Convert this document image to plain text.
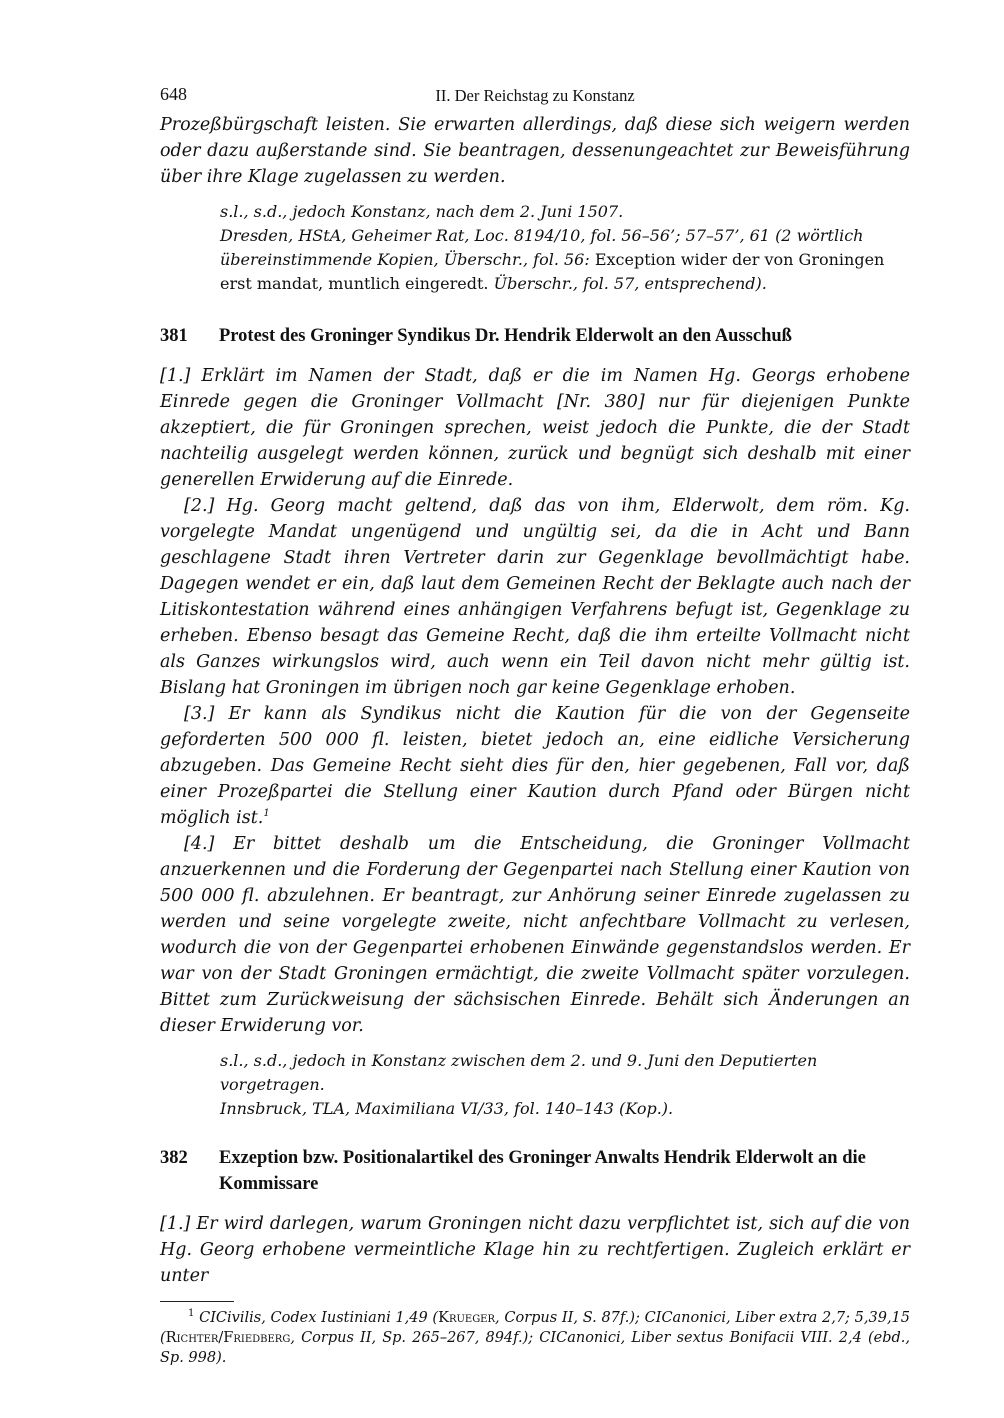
648	II. Der Reichstag zu Konstanz

Prozeßbürgschaft leisten. Sie erwarten allerdings, daß diese sich weigern werden oder dazu außerstande sind. Sie beantragen, dessenungeachtet zur Beweisführung über ihre Klage zugelassen zu werden.

s.l., s.d., jedoch Konstanz, nach dem 2. Juni 1507.
Dresden, HStA, Geheimer Rat, Loc. 8194/10, fol. 56–56’; 57–57’, 61 (2 wörtlich übereinstimmende Kopien, Überschr., fol. 56: Exception wider der von Groningen erst mandat, muntlich eingeredt. Überschr., fol. 57, entsprechend).
381	Protest des Groninger Syndikus Dr. Hendrik Elderwolt an den Ausschuß

[1.] Erklärt im Namen der Stadt, daß er die im Namen Hg. Georgs erhobene Einrede gegen die Groninger Vollmacht [Nr. 380] nur für diejenigen Punkte akzeptiert, die für Groningen sprechen, weist jedoch die Punkte, die der Stadt nachteilig ausgelegt werden können, zurück und begnügt sich deshalb mit einer generellen Erwiderung auf die Einrede.

[2.] Hg. Georg macht geltend, daß das von ihm, Elderwolt, dem röm. Kg. vorgelegte Mandat ungenügend und ungültig sei, da die in Acht und Bann geschlagene Stadt ihren Vertreter darin zur Gegenklage bevollmächtigt habe. Dagegen wendet er ein, daß laut dem Gemeinen Recht der Beklagte auch nach der Litiskontestation während eines anhängigen Verfahrens befugt ist, Gegenklage zu erheben. Ebenso besagt das Gemeine Recht, daß die ihm erteilte Vollmacht nicht als Ganzes wirkungslos wird, auch wenn ein Teil davon nicht mehr gültig ist. Bislang hat Groningen im übrigen noch gar keine Gegenklage erhoben.

[3.] Er kann als Syndikus nicht die Kaution für die von der Gegenseite geforderten 500 000 fl. leisten, bietet jedoch an, eine eidliche Versicherung abzugeben. Das Gemeine Recht sieht dies für den, hier gegebenen, Fall vor, daß einer Prozeßpartei die Stellung einer Kaution durch Pfand oder Bürgen nicht möglich ist.$^1$

[4.] Er bittet deshalb um die Entscheidung, die Groninger Vollmacht anzuerkennen und die Forderung der Gegenpartei nach Stellung einer Kaution von 500 000 fl. abzulehnen. Er beantragt, zur Anhörung seiner Einrede zugelassen zu werden und seine vorgelegte zweite, nicht anfechtbare Vollmacht zu verlesen, wodurch die von der Gegenpartei erhobenen Einwände gegenstandslos werden. Er war von der Stadt Groningen ermächtigt, die zweite Vollmacht später vorzulegen. Bittet zum Zurückweisung der sächsischen Einrede. Behält sich Änderungen an dieser Erwiderung vor.

s.l., s.d., jedoch in Konstanz zwischen dem 2. und 9. Juni den Deputierten vorgetragen.
Innsbruck, TLA, Maximiliana VI/33, fol. 140–143 (Kop.).
382	Exzeption bzw. Positionalartikel des Groninger Anwalts Hendrik Elderwolt an die Kommissare

[1.] Er wird darlegen, warum Groningen nicht dazu verpflichtet ist, sich auf die von Hg. Georg erhobene vermeintliche Klage hin zu rechtfertigen. Zugleich erklärt er unter

$^1$ CICivilis, Codex Iustiniani 1,49 (Krueger, Corpus II, S. 87f.); CICanonici, Liber extra 2,7; 5,39,15 (Richter/Friedberg, Corpus II, Sp. 265–267, 894f.); CICanonici, Liber sextus Bonifacii VIII. 2,4 (ebd., Sp. 998).
